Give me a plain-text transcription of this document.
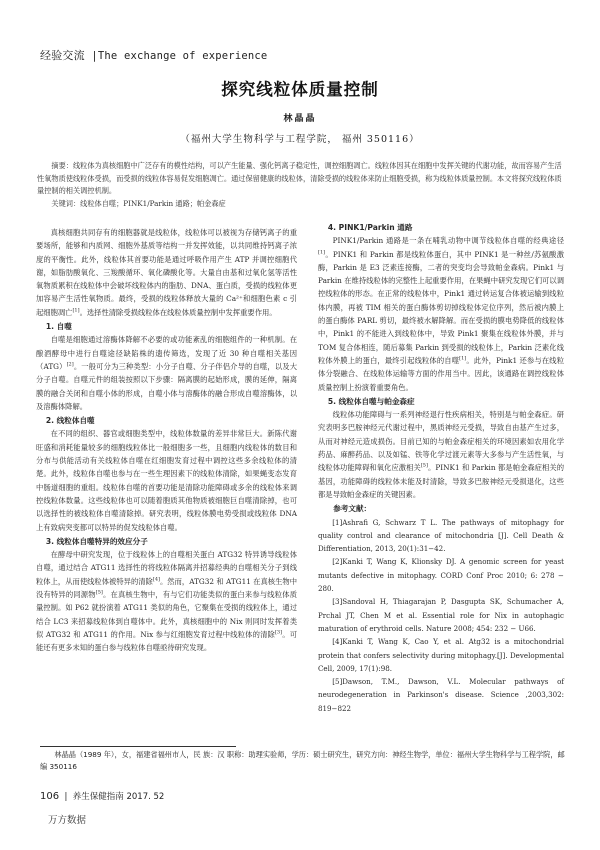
经验交流 |The exchange of experience
探究线粒体质量控制
林晶晶
（福州大学生物科学与工程学院， 福州 350116）

摘要：线粒体为真核细胞中广泛存有的模性结构，可以产生能量、强化钙离子稳定性，调控细胞凋亡。线粒体因其在细胞中发挥关键的代谢功能，故而容易产生活性氧物质使线粒体受损，而受损的线粒体容易促发细胞凋亡。通过保留健康的线粒体，清除受损的线粒体来防止细胞受损，称为线粒体质量控制。本文将探究线粒体质量控制的相关调控机制。

关键词：线粒体自噬；PINK1/Parkin 通路；帕金森症

真核细胞共同存有的细胞器就是线粒体，线粒体可以被视为存储钙离子的重要场所，能够和内质网、细胞外基质等结构一并发挥效能，以共同维持钙离子浓度的平衡性。此外，线粒体其首要功能是通过呼吸作用产生 ATP 并调控细胞代谢，如脂肪酸氧化、三羧酸循环、氧化磷酸化等。大量自由基和过氧化氢等活性氧物质累积在线粒体中会破坏线粒体内的脂肪、DNA、蛋白质，受损的线粒体更加容易产生活性氧物质。最终，受损的线粒体释放大量的 Ca²⁺和细胞色素 c 引起细胞凋亡[1]。选择性清除受损线粒体在线粒体质量控制中发挥重要作用。

1. 自噬

自噬是细胞通过溶酶体降解不必要的或功能紊乱的细胞组件的一种机制。在酿酒酵母中进行自噬途径缺陷株的遗传筛选，发现了近 30 种自噬相关基因（ATG）[2]。一般可分为三种类型：小分子自噬、分子伴侣介导的自噬，以及大分子自噬。自噬元件的组装按照以下步骤：隔离膜的起始形成，膜的延伸，隔离膜的融合关闭和自噬小体的形成，自噬小体与溶酶体的融合形成自噬溶酶体，以及溶酶体降解。

2. 线粒体自噬

在不同的组织、器官或细胞类型中，线粒体数量的差异非常巨大。新陈代谢旺盛和消耗能量较多的细胞线粒体比一般细胞多一些，且细胞内线粒体的数目和分布与供能活动有关线粒体自噬在红细胞发育过程中调控这些多余线粒体的清楚。此外，线粒体自噬也参与在一些生理因素下的线粒体清除，如果蝇变态发育中肠道细胞的重组。线粒体自噬的首要功能是清除功能障碍或多余的线粒体来调控线粒体数量。这些线粒体也可以随着胞质其他物质被细胞巨自噬清除掉，也可以选择性的被线粒体自噬清除掉。研究表明，线粒体膜电势受损或线粒体 DNA 上有致病突变都可以特异的促发线粒体自噬。

3. 线粒体自噬特异的效应分子

在酵母中研究发现，位于线粒体上的自噬相关蛋白 ATG32 特异诱导线粒体自噬，通过结合 ATG11 选择性的将线粒体隔离并招募经典的自噬相关分子到线粒体上，从而使线粒体被特异的清除[4]。然而，ATG32 和 ATG11 在真核生物中没有特异的同源物[5]。在真核生物中，有与它们功能类似的蛋白来参与线粒体质量控制。如 P62 就扮演着 ATG11 类似的角色，它聚集在受损的线粒体上，通过结合 LC3 来招募线粒体到自噬体中。此外，真核细胞中的 Nix 则同时发挥着类似 ATG32 和 ATG11 的作用。Nix 参与红细胞发育过程中线粒体的清除[3]。可能还有更多未知的蛋白参与线粒体自噬亟待研究发现。

4. PINK1/Parkin 通路

PINK1/Parkin 通路是一条在哺乳动物中调节线粒体自噬的经典途径[1]。PINK1 和 Parkin 都是线粒体蛋白，其中 PINK1 是一种丝/苏氨酸激酶，Parkin 是 E3 泛素连接酶，二者的突变均会导致帕金森病。Pink1 与 Parkin 在维持线粒体的完整性上起重要作用，在果蝇中研究发现它们可以调控线粒体的形态。在正常的线粒体中，Pink1 通过转运复合体被运输到线粒体内膜，再被 TIM 相关的蛋白酶体剪切掉线粒体定位序列，然后被内膜上的蛋白酶体 PARL 剪切，最终被水解降解。而在受损的膜电势降低的线粒体中，Pink1 的不能进入到线粒体中，导致 Pink1 聚集在线粒体外膜，并与 TOM 复合体相连，随后募集 Parkin 到受损的线粒体上，Parkin 泛素化线粒体外膜上的蛋白，最终引起线粒体的自噬[1]。此外，Pink1 还参与在线粒体分裂融合、在线粒体运输等方面的作用当中。因此，该通路在调控线粒体质量控制上扮演着重要角色。

5. 线粒体自噬与帕金森症

线粒体功能障碍与一系列神经退行性疾病相关，特别是与帕金森症。研究表明多巴胺神经元代谢过程中，黑质神经元受损，导致自由基产生过多，从而对神经元造成损伤。目前已知的与帕金森症相关的环境因素如农用化学药品、麻醉药品、以及如锰、铁等化学过渡元素等大多参与产生活性氧，与线粒体功能障碍和氧化应激相关[5]。PINK1 和 Parkin 都是帕金森症相关的基因，功能障碍的线粒体未能及时清除，导致多巴胺神经元受损退化，这些都是导致帕金森症的关键因素。

参考文献：

[1]Ashrafi G, Schwarz T L. The pathways of mitophagy for quality control and clearance of mitochondria [J]. Cell Death & Differentiation, 2013, 20(1):31−42.

[2]Kanki T, Wang K, Klionsky DJ. A genomic screen for yeast mutants defective in mitophagy. CORD Conf Proc 2010; 6: 278 − 280.

[3]Sandoval H, Thiagarajan P, Dasgupta SK, Schumacher A, Prchal JT, Chen M et al. Essential role for Nix in autophagic maturation of erythroid cells. Nature 2008; 454: 232 − U66.

[4]Kanki T, Wang K, Cao Y, et al. Atg32 is a mitochondrial protein that confers selectivity during mitophagy.[J]. Developmental Cell, 2009, 17(1):98.

[5]Dawson, T.M., Dawson, V.L. Molecular pathways of neurodegeneration in Parkinson's disease. Science ,2003,302: 819−822

林晶晶（1989 年），女，福建省福州市人，民 族：汉 职称：助理实验师，学历：硕士研究生，研究方向：神经生物学，单位：福州大学生物科学与工程学院，邮编 350116

106 | 养生保健指南 2017. 52
万方数据
